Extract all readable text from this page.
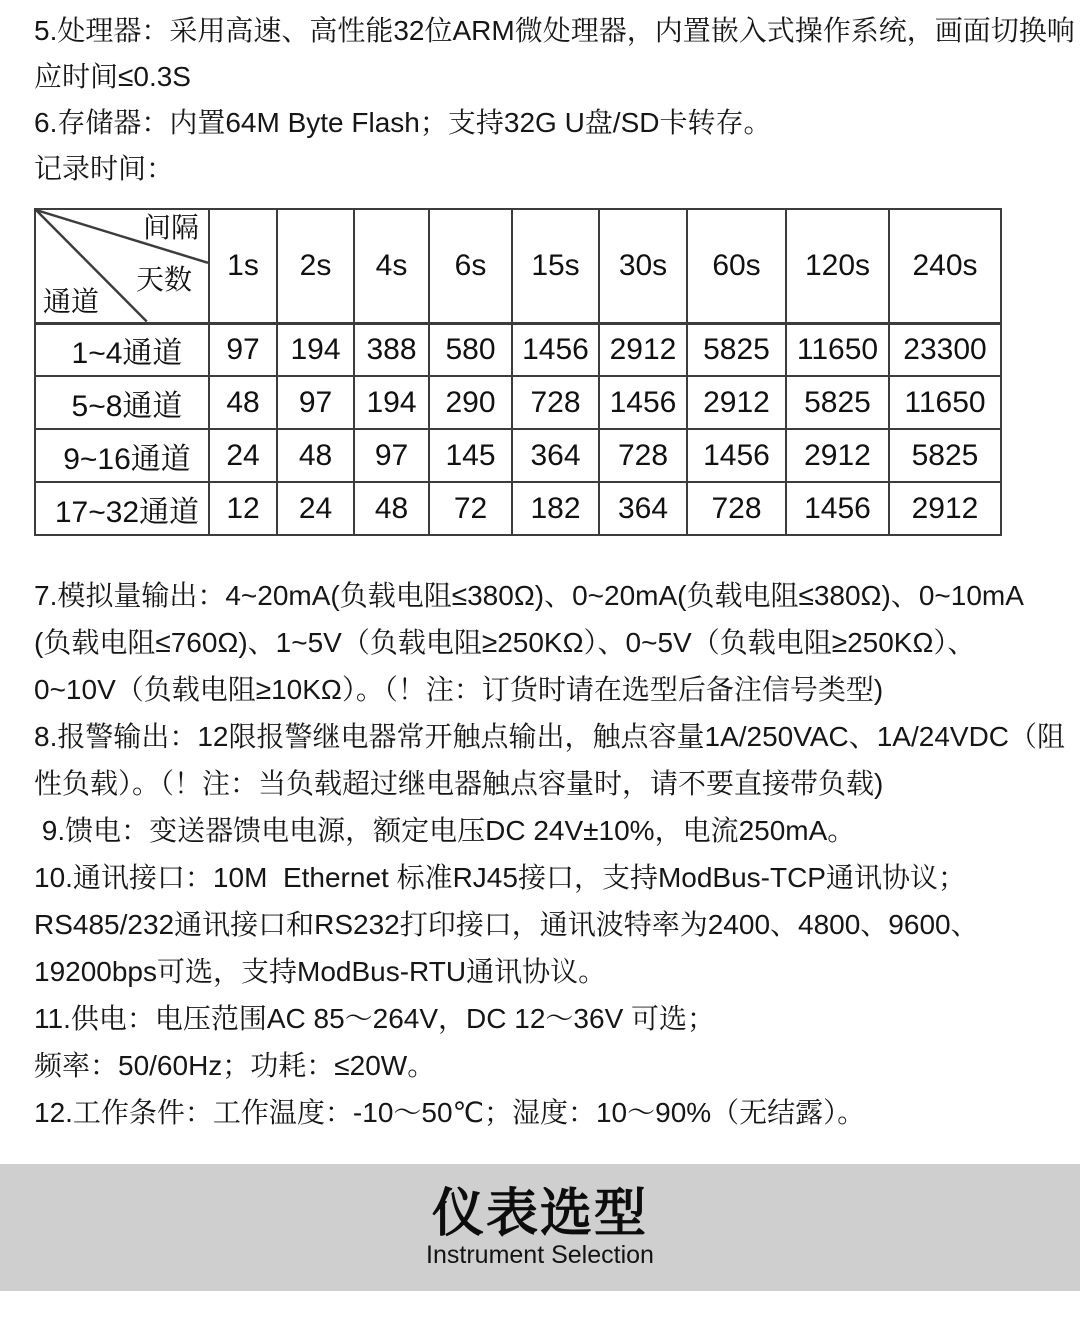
5.处理器：采用高速、高性能32位ARM微处理器，内置嵌入式操作系统，画面切换响
应时间≤0.3S
6.存储器：内置64M Byte Flash；支持32G U盘/SD卡转存。
记录时间：
间隔
天数
通道	1s	2s	4s	6s	15s	30s	60s	120s	240s
1~4通道	97	194	388	580	1456	2912	5825	11650	23300
5~8通道	48	97	194	290	728	1456	2912	5825	11650
9~16通道	24	48	97	145	364	728	1456	2912	5825
17~32通道	12	24	48	72	182	364	728	1456	2912
7.模拟量输出：4~20mA(负载电阻≤380Ω)、0~20mA(负载电阻≤380Ω)、0~10mA
(负载电阻≤760Ω)、1~5V（负载电阻≥250KΩ）、0~5V（负载电阻≥250KΩ）、
0~10V（负载电阻≥10KΩ）。（！注：订货时请在选型后备注信号类型)
8.报警输出：12限报警继电器常开触点输出，触点容量1A/250VAC、1A/24VDC（阻
性负载）。（！注：当负载超过继电器触点容量时，请不要直接带负载)
9.馈电：变送器馈电电源，额定电压DC 24V±10%，电流250mA。
10.通讯接口：10M  Ethernet 标准RJ45接口，支持ModBus-TCP通讯协议；
RS485/232通讯接口和RS232打印接口，通讯波特率为2400、4800、9600、
19200bps可选，支持ModBus-RTU通讯协议。
11.供电：电压范围AC 85～264V，DC 12～36V 可选；
频率：50/60Hz；功耗：≤20W。
12.工作条件：工作温度：-10～50℃；湿度：10～90%（无结露）。
仪表选型
Instrument Selection
